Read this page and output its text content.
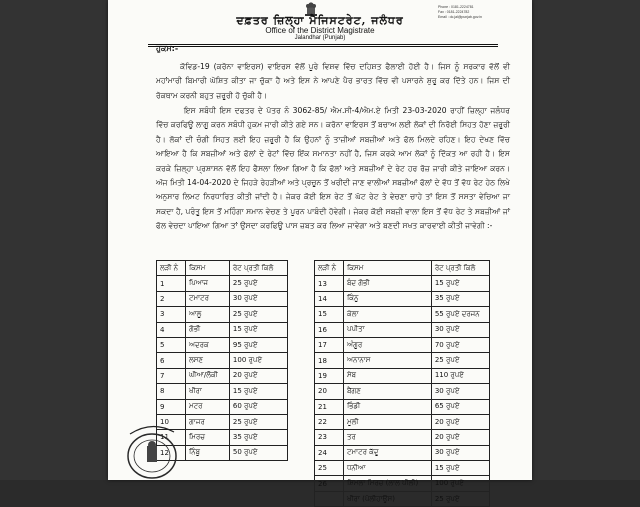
ਦਫ਼ਤਰ ਜ਼ਿਲ੍ਹਾ ਮੈਜਿਸਟਰੇਟ, ਜਲੰਧਰ
Office of the District Magistrate
Jalandhar (Punjab)
Phone : 0181-2224781
Fax : 0181-2224782
Email : dc.jal@punjab.gov.in
ਹੁਕਮ:-
ਕੋਵਿਡ-19 (ਕਰੋਨਾ ਵਾਇਰਸ) ਵਾਇਰਸ ਵੱਲੋਂ ਪੂਰੇ ਵਿਸ਼ਵ ਵਿੱਚ ਦਹਿਸ਼ਤ ਫੈਲਾਈ ਹੋਈ ਹੈ। ਜਿਸ ਨੂੰ ਸਰਕਾਰ ਵੱਲੋਂ ਵੀ ਮਹਾਂਮਾਰੀ ਬਿਮਾਰੀ ਘੋਸ਼ਿਤ ਕੀਤਾ ਜਾ ਚੁੱਕਾ ਹੈ ਅਤੇ ਇਸ ਨੇ ਆਪਣੇ ਪੈਰ ਭਾਰਤ ਵਿੱਚ ਵੀ ਪਸਾਰਨੇ ਸ਼ੁਰੂ ਕਰ ਦਿੱਤੇ ਹਨ। ਜਿਸ ਦੀ ਰੋਕਥਾਮ ਕਰਨੀ ਬਹੁਤ ਜ਼ਰੂਰੀ ਹੋ ਚੁੱਕੀ ਹੈ।
ਇਸ ਸਬੰਧੀ ਇਸ ਦਫਤਰ ਦੇ ਪੱਤਰ ਨੰ 3062-85/ ਐਮ.ਸੀ-4/ਐਮ.ਏ ਮਿਤੀ 23-03-2020 ਰਾਹੀਂ ਜ਼ਿਲ੍ਹਾ ਜਲੰਧਰ ਵਿੱਚ ਕਰਫਿਊ ਲਾਗੂ ਕਰਨ ਸਬੰਧੀ ਹੁਕਮ ਜਾਰੀ ਕੀਤੇ ਗਏ ਸਨ। ਕਰੋਨਾ ਵਾਇਰਸ ਤੋਂ ਬਚਾਅ ਲਈ ਲੋਕਾਂ ਦੀ ਨਿਰੋਈ ਸਿਹਤ ਹੋਣਾ ਜ਼ਰੂਰੀ ਹੈ। ਲੋਕਾਂ ਦੀ ਚੰਗੀ ਸਿਹਤ ਲਈ ਇਹ ਜ਼ਰੂਰੀ ਹੈ ਕਿ ਉਹਨਾਂ ਨੂੰ ਤਾਜ਼ੀਆਂ ਸਬਜ਼ੀਆਂ ਅਤੇ ਫੱਲ ਮਿਲਦੇ ਰਹਿਣ। ਇਹ ਦੇਖਣ ਵਿੱਚ ਆਇਆ ਹੈ ਕਿ ਸਬਜ਼ੀਆਂ ਅਤੇ ਫੱਲਾਂ ਦੇ ਰੇਟਾਂ ਵਿੱਚ ਇੱਕ ਸਮਾਨਤਾ ਨਹੀਂ ਹੈ, ਜਿਸ ਕਰਕੇ ਆਮ ਲੋਕਾਂ ਨੂੰ ਦਿੱਕਤ ਆ ਰਹੀ ਹੈ। ਇਸ ਕਰਕੇ ਜ਼ਿਲ੍ਹਾ ਪ੍ਰਸ਼ਾਸਨ ਵੱਲੋਂ ਇਹ ਫੈਸਲਾ ਲਿਆ ਗਿਆ ਹੈ ਕਿ ਫੱਲਾਂ ਅਤੇ ਸਬਜ਼ੀਆਂ ਦੇ ਰੇਟ ਹਰ ਰੋਜ਼ ਜਾਰੀ ਕੀਤੇ ਜਾਇਆ ਕਰਨ। ਅੱਜ ਮਿਤੀ 14-04-2020 ਦੇ ਜਿਹੜੇ ਰੇਹੜੀਆਂ ਅਤੇ ਪ੍ਰਚੂਨ ਤੋਂ ਖਰੀਦੀ ਜਾਣ ਵਾਲੀਆਂ ਸਬਜ਼ੀਆਂ ਫੱਲਾਂ ਦੇ ਵੱਧ ਤੋਂ ਵੱਧ ਰੇਟ ਹੇਠ ਲਿਖੇ ਅਨੁਸਾਰ ਲਿਮਟ ਨਿਰਧਾਰਿਤ ਕੀਤੀ ਜਾਂਦੀ ਹੈ। ਜੇਕਰ ਕੋਈ ਇਸ ਰੇਟ ਤੋਂ ਘੱਟ ਰੇਟ ਤੇ ਵੇਚਣਾ ਚਾਹੇ ਤਾਂ ਇਸ ਤੋਂ ਸਸਤਾ ਵੇਚਿਆ ਜਾ ਸਕਦਾ ਹੈ, ਪਰੰਤੂ ਇਸ ਤੋਂ ਮਹਿੰਗਾ ਸਮਾਨ ਵੇਚਣ ਤੇ ਪੂਰਨ ਪਾਬੰਦੀ ਹੋਵੇਗੀ। ਜੇਕਰ ਕੋਈ ਸਬਜ਼ੀ ਵਾਲਾ ਇਸ ਤੋਂ ਵੱਧ ਰੇਟ ਤੇ ਸਬਜ਼ੀਆਂ ਜਾਂ ਫੱਲ ਵੇਚਦਾ ਪਾਇਆ ਗਿਆ ਤਾਂ ਉਸਦਾ ਕਰਫਿਊ ਪਾਸ ਜ਼ਬਤ ਕਰ ਲਿਆ ਜਾਵੇਗਾ ਅਤੇ ਬਣਦੀ ਸਖਤ ਕਾਰਵਾਈ ਕੀਤੀ ਜਾਵੇਗੀ :-
ਲੜੀ ਨੰ	ਕਿਸਮ	ਰੇਟ ਪ੍ਰਤੀ ਕਿਲੋ
1	ਪਿਆਜ	25 ਰੁਪਏ
2	ਟਮਾਟਰ	30 ਰੁਪਏ
3	ਆਲੂ	25 ਰੁਪਏ
4	ਗੋਭੀ	15 ਰੁਪਏ
5	ਅਦਰਕ	95 ਰੁਪਏ
6	ਲਸਣ	100 ਰੁਪਏ
7	ਘੀਆ/ਲੌਕੀ	20 ਰੁਪਏ
8	ਖੀਰਾ	15 ਰੁਪਏ
9	ਮਟਰ	60 ਰੁਪਏ
10	ਗਾਜਰ	25 ਰੁਪਏ
11	ਮਿਰਚ	35 ਰੁਪਏ
12	ਨਿੰਬੂ	50 ਰੁਪਏ
ਲੜੀ ਨੰ	ਕਿਸਮ	ਰੇਟ ਪ੍ਰਤੀ ਕਿਲੋ
13	ਬੰਦ ਗੋਭੀ	15 ਰੁਪਏ
14	ਕਿੰਨੂ	35 ਰੁਪਏ
15	ਕੇਲਾ	55 ਰੁਪਏ ਦਰਜਨ
16	ਪਪੀਤਾ	30 ਰੁਪਏ
17	ਅੰਗੂਰ	70 ਰੁਪਏ
18	ਅਨਾਨਾਸ	25 ਰੁਪਏ
19	ਸੇਬ	110 ਰੁਪਏ
20	ਬੈਂਗਣ	30 ਰੁਪਏ
21	ਭਿੰਡੀ	65 ਰੁਪਏ
22	ਮੂਲੀ	20 ਰੁਪਏ
23	ਤਰ	20 ਰੁਪਏ
24	ਟਮਾਟਰ ਕੱਦੂ	30 ਰੁਪਏ
25	ਧਨੀਆ	15 ਰੁਪਏ
26	ਸ਼ਿਮਲਾ ਮਿਰਚ (ਲਾਲ ਪੀਲੀ)	100 ਰੁਪਏ
	ਖੀਰਾ (ਪੋਲੀਹਾਊਸ)	25 ਰੁਪਏ
